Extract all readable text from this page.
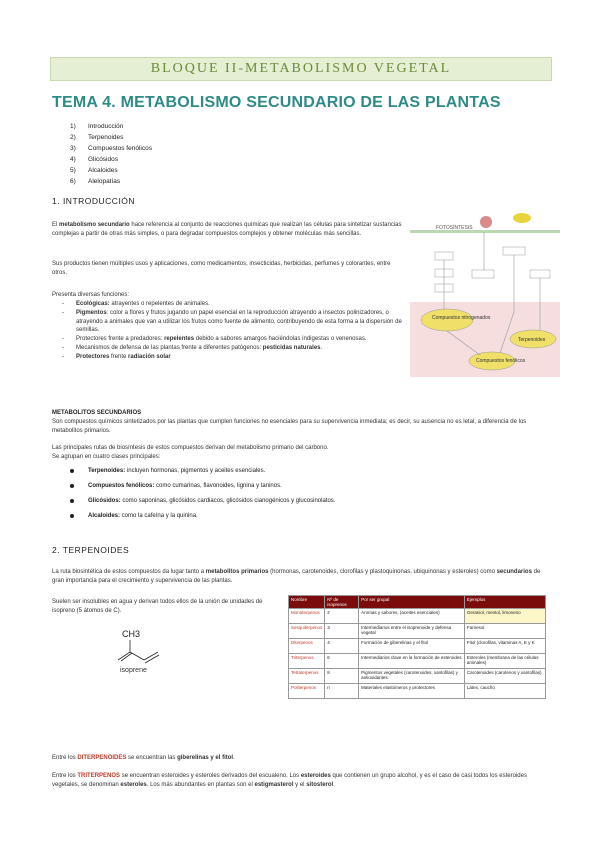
BLOQUE II-METABOLISMO VEGETAL
TEMA 4. METABOLISMO SECUNDARIO DE LAS PLANTAS
1) Introducción
2) Terpenoides
3) Compuestos fenólicos
4) Glicósidos
5) Alcaloides
6) Alelopatías
1. INTRODUCCIÓN
El metabolismo secundario hace referencia al conjunto de reacciones químicas que realizan las células para sintetizar sustancias complejas a partir de otras más simples, o para degradar compuestos complejos y obtener moléculas más sencillas.
Sus productos tienen múltiples usos y aplicaciones, como medicamentos, insecticidas, herbicidas, perfumes y colorantes, entre otros.
Presenta diversas funciones:
- Ecológicas: atrayentes o repelentes de animales.
- Pigmentos: color a flores y frutos jugando un papel esencial en la reproducción atrayendo a insectos polinizadores, o atrayendo a animales que van a utilizar los frutos como fuente de alimento, contribuyendo de esta forma a la dispersión de semillas.
- Protectores frente a predadores: repelentes debido a sabores amargos haciéndolas indigestas o venenosas.
- Mecanismos de defensa de las plantas frente a diferentes patógenos: pesticidas naturales.
- Protectores frente radiación solar
FOTOSÍNTESIS
Compuestos nitrogenados
Terpenoides
Compuestos fenólicos
METABOLITOS SECUNDARIOS
Son compuestos químicos sintetizados por las plantas que cumplen funciones no esenciales para su supervivencia inmediata; es decir, su ausencia no es letal, a diferencia de los metabolitos primarios.
Las principales rutas de biosíntesis de estos compuestos derivan del metabolismo primario del carbono.
Se agrupan en cuatro clases principales:
Terpenoides: incluyen hormonas, pigmentos y aceites esenciales.
Compuestos fenólicos: como cumarinas, flavonoides, lignina y taninos.
Glicósidos: como saponinas, glicósidos cardiacos, glicósidos cianogénicos y glucosinolatos.
Alcaloides: como la cafeína y la quinina.
2. TERPENOIDES
La ruta biosintética de estos compuestos da lugar tanto a metabolitos primarios (hormonas, carotenoides, clorofilas y plastoquinonas, ubiquinonas y esteroles) como secundarios de gran importancia para el crecimiento y supervivencia de las plantas.
Suelen ser insolubles en agua y derivan todos ellos de la unión de unidades de isopreno (5 átomos de C).
CH3
isoprene
Nombre	Nº de isoprenos	Por ser grupal	Ejemplos
Monoterpenos	2	Aromas y sabores, (aceites esenciales)	Geraniol, mentol, limoneno
Sesquiterpenos	3	Intermediarios entre el isoprenoide y defensa vegetal	Farnesol
Diterpenos	4	Formación de giberelinas y el fitol	Fitol (clorofilas, vitaminas A, E y K
Triterpenos	6	Intermediarios clave en la formación de esteroides	Esteroles (membrana de las células animales)
Tetraterpenos	8	Pigmentos vegetales (carotenoides, xantofilas) y antioxidantes	Carotenoides (carotenos y xantofilas)
Politerpenos	n	Materiales elastómeros y protectores	Látex, caucho
Entre los DITERPENOIDES se encuentran las giberelinas y el fitol.
Entre los TRITERPENOS se encuentran esteroides y esteroles derivados del escualeno. Los esteroides que contienen un grupo alcohol, y es el caso de casi todos los esteroides vegetales, se denominan esteroles. Los más abundantes en plantas son el estigmasterol y el sitosterol
